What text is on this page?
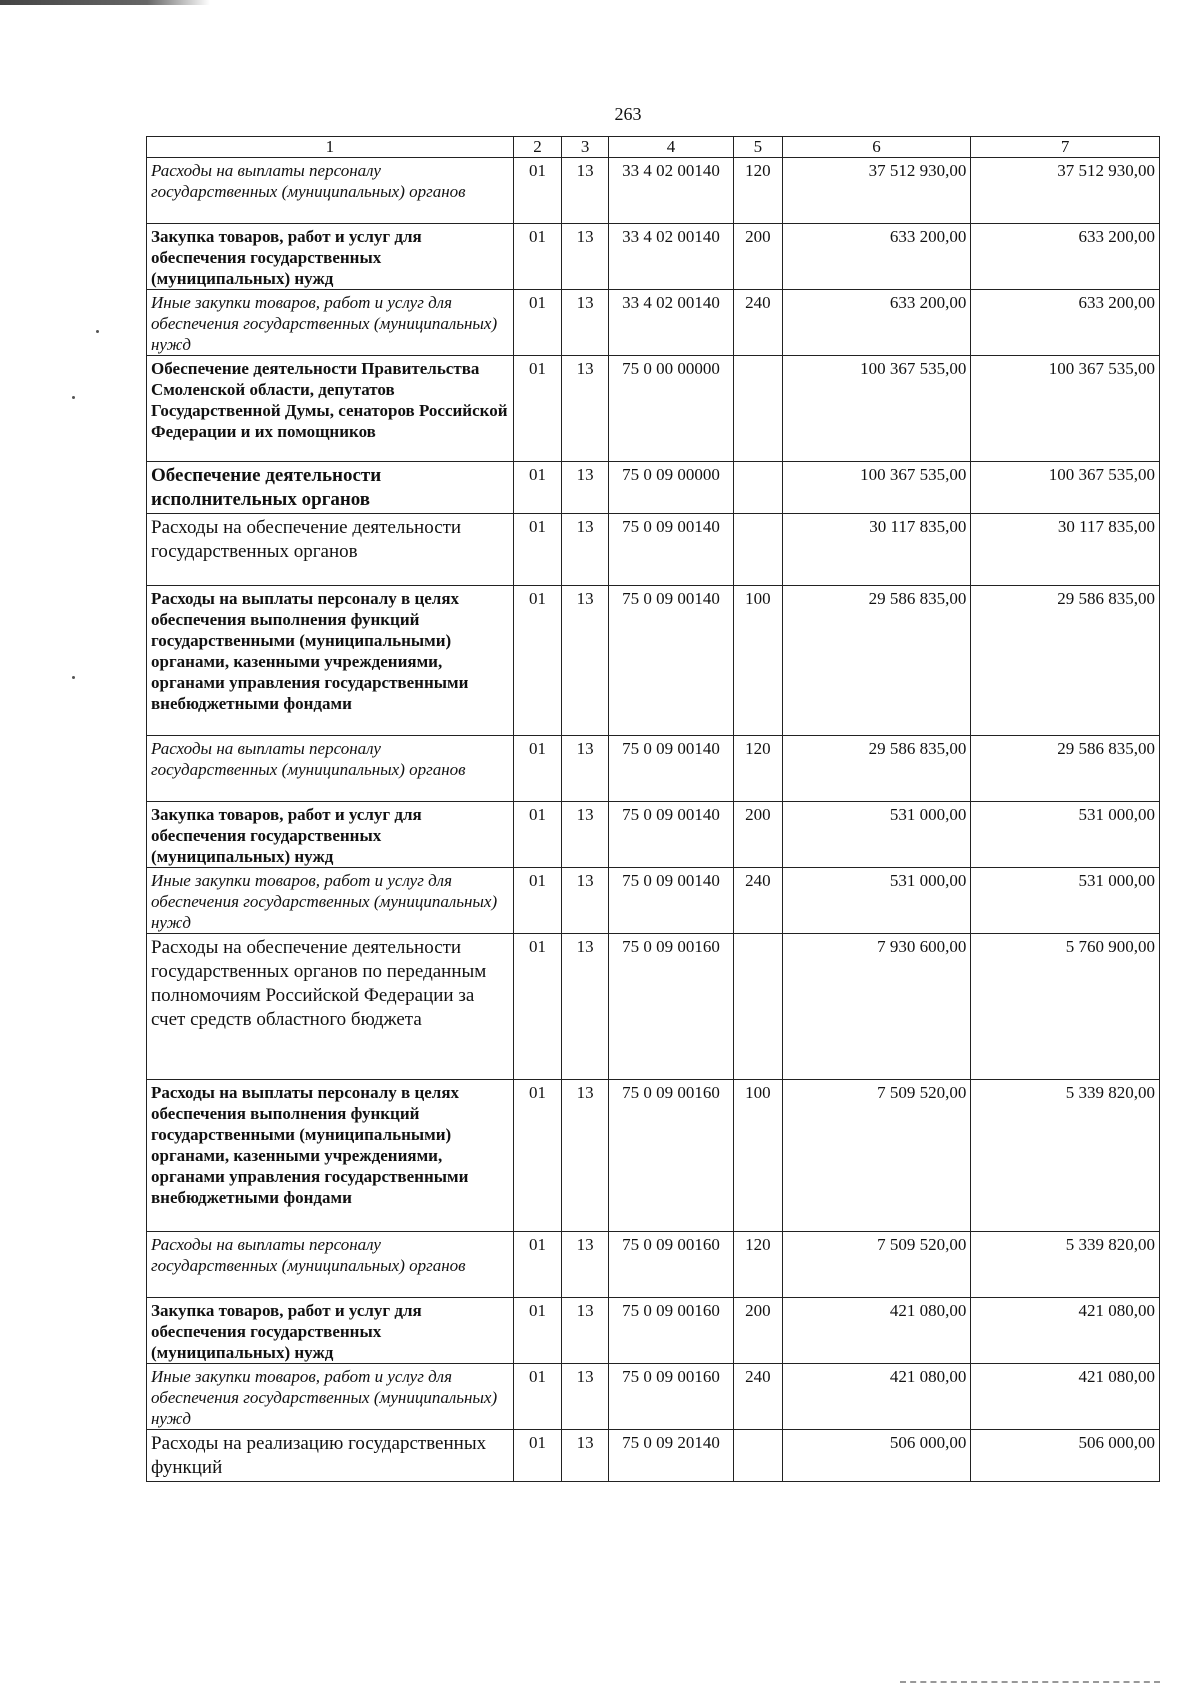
263
1	2	3	4	5	6	7
Расходы на выплаты персоналу государственных (муниципальных) органов	01	13	33 4 02 00140	120	37 512 930,00	37 512 930,00
Закупка товаров, работ и услуг для обеспечения государственных (муниципальных) нужд	01	13	33 4 02 00140	200	633 200,00	633 200,00
Иные закупки товаров, работ и услуг для обеспечения государственных (муниципальных) нужд	01	13	33 4 02 00140	240	633 200,00	633 200,00
Обеспечение деятельности Правительства Смоленской области, депутатов Государственной Думы, сенаторов Российской Федерации и их помощников	01	13	75 0 00 00000		100 367 535,00	100 367 535,00
Обеспечение деятельности исполнительных органов	01	13	75 0 09 00000		100 367 535,00	100 367 535,00
Расходы на обеспечение деятельности государственных органов	01	13	75 0 09 00140		30 117 835,00	30 117 835,00
Расходы на выплаты персоналу в целях обеспечения выполнения функций государственными (муниципальными) органами, казенными учреждениями, органами управления государственными внебюджетными фондами	01	13	75 0 09 00140	100	29 586 835,00	29 586 835,00
Расходы на выплаты персоналу государственных (муниципальных) органов	01	13	75 0 09 00140	120	29 586 835,00	29 586 835,00
Закупка товаров, работ и услуг для обеспечения государственных (муниципальных) нужд	01	13	75 0 09 00140	200	531 000,00	531 000,00
Иные закупки товаров, работ и услуг для обеспечения государственных (муниципальных) нужд	01	13	75 0 09 00140	240	531 000,00	531 000,00
Расходы на обеспечение деятельности государственных органов по переданным полномочиям Российской Федерации за счет средств областного бюджета	01	13	75 0 09 00160		7 930 600,00	5 760 900,00
Расходы на выплаты персоналу в целях обеспечения выполнения функций государственными (муниципальными) органами, казенными учреждениями, органами управления государственными внебюджетными фондами	01	13	75 0 09 00160	100	7 509 520,00	5 339 820,00
Расходы на выплаты персоналу государственных (муниципальных) органов	01	13	75 0 09 00160	120	7 509 520,00	5 339 820,00
Закупка товаров, работ и услуг для обеспечения государственных (муниципальных) нужд	01	13	75 0 09 00160	200	421 080,00	421 080,00
Иные закупки товаров, работ и услуг для обеспечения государственных (муниципальных) нужд	01	13	75 0 09 00160	240	421 080,00	421 080,00
Расходы на реализацию государственных функций	01	13	75 0 09 20140		506 000,00	506 000,00
